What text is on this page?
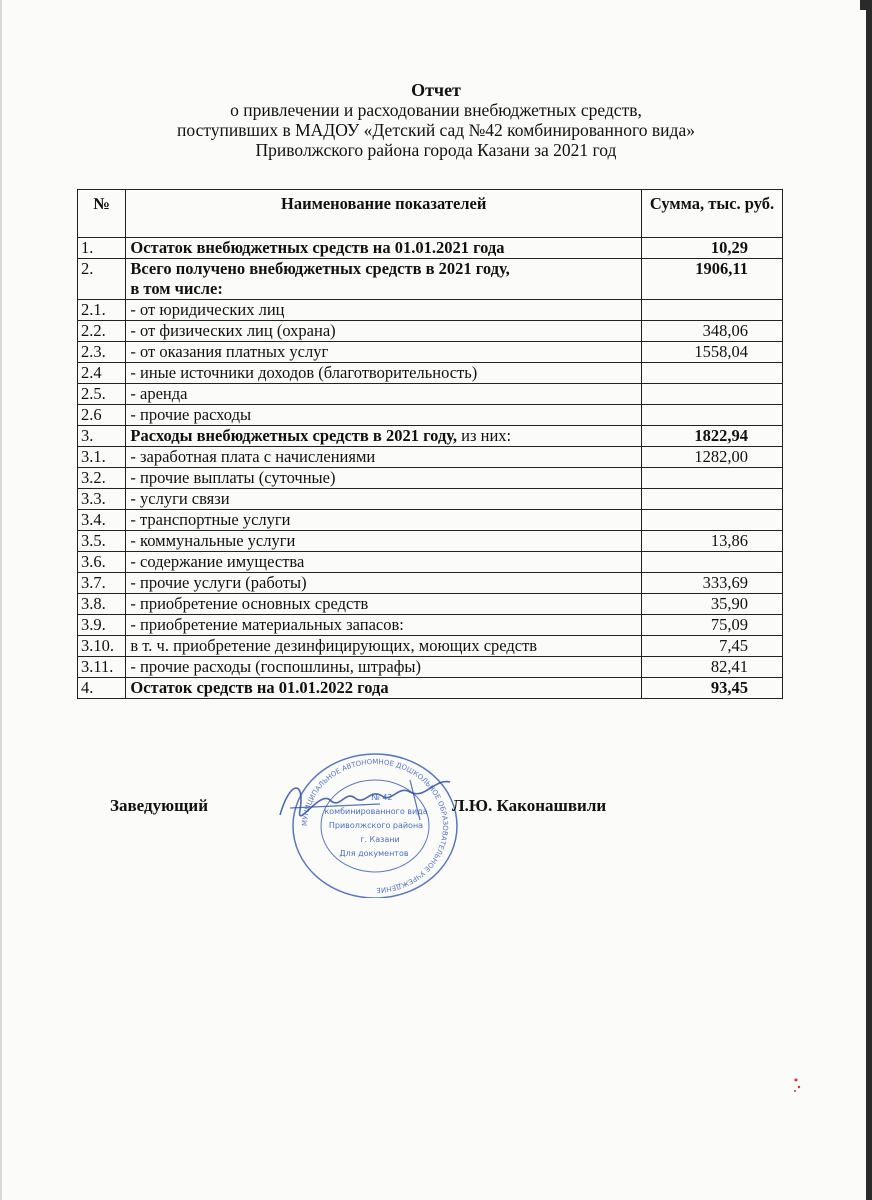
Отчет
о привлечении и расходовании внебюджетных средств,
поступивших в МАДОУ «Детский сад №42 комбинированного вида»
Приволжского района города Казани за 2021 год
№	Наименование показателей	Сумма, тыс. руб.
1.	Остаток внебюджетных средств на 01.01.2021 года	10,29
2.	Всего получено внебюджетных средств в 2021 году,
в том числе:	1906,11
2.1.	- от юридических лиц	
2.2.	- от физических лиц (охрана)	348,06
2.3.	- от оказания платных услуг	1558,04
2.4	- иные источники доходов (благотворительность)	
2.5.	- аренда	
2.6	- прочие расходы	
3.	Расходы внебюджетных средств в 2021 году, из них:	1822,94
3.1.	- заработная плата с начислениями	1282,00
3.2.	- прочие выплаты (суточные)	
3.3.	- услуги связи	
3.4.	- транспортные услуги	
3.5.	- коммунальные услуги	13,86
3.6.	- содержание имущества	
3.7.	- прочие услуги (работы)	333,69
3.8.	- приобретение основных средств	35,90
3.9.	- приобретение материальных запасов:	75,09
3.10.	в т. ч. приобретение дезинфицирующих, моющих средств	7,45
3.11.	- прочие расходы (госпошлины, штрафы)	82,41
4.	Остаток средств на 01.01.2022 года	93,45
МУНИЦИПАЛЬНОЕ АВТОНОМНОЕ ДОШКОЛЬНОЕ ОБРАЗОВАТЕЛЬНОЕ УЧРЕЖДЕНИЕ
№ 42
комбинированного вида
Приволжского района
г. Казани
Для документов
Заведующий	Л.Ю. Каконашвили
